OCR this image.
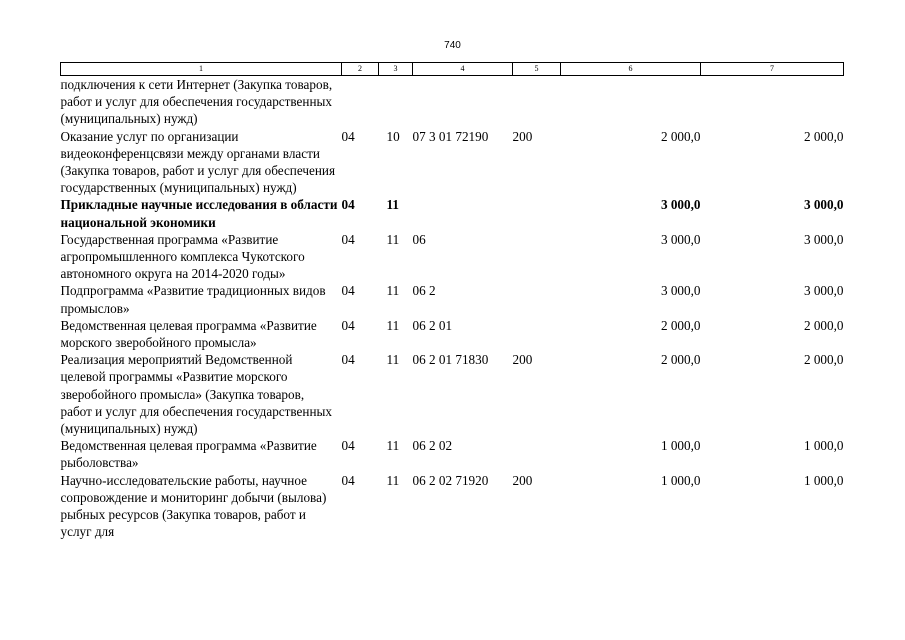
740
1	2	3	4	5	6	7
подключения к сети Интернет (Закупка товаров, работ и услуг для обеспечения государственных (муниципальных) нужд)						
Оказание услуг по организации видеоконференцсвязи между органами власти (Закупка товаров, работ и услуг для обеспечения государственных (муниципальных) нужд)	04	10	07 3 01 72190	200	2 000,0	2 000,0
Прикладные научные исследования в области национальной экономики	04	11			3 000,0	3 000,0
Государственная программа «Развитие агропромышленного комплекса Чукотского автономного округа на 2014-2020 годы»	04	11	06		3 000,0	3 000,0
Подпрограмма «Развитие традиционных видов промыслов»	04	11	06 2		3 000,0	3 000,0
Ведомственная целевая программа «Развитие морского зверобойного промысла»	04	11	06 2 01		2 000,0	2 000,0
Реализация мероприятий Ведомственной целевой программы «Развитие морского зверобойного промысла» (Закупка товаров, работ и услуг для обеспечения государственных (муниципальных) нужд)	04	11	06 2 01 71830	200	2 000,0	2 000,0
Ведомственная целевая программа «Развитие рыболовства»	04	11	06 2 02		1 000,0	1 000,0
Научно-исследовательские работы, научное сопровождение и мониторинг добычи (вылова) рыбных ресурсов (Закупка товаров, работ и услуг для	04	11	06 2 02 71920	200	1 000,0	1 000,0
